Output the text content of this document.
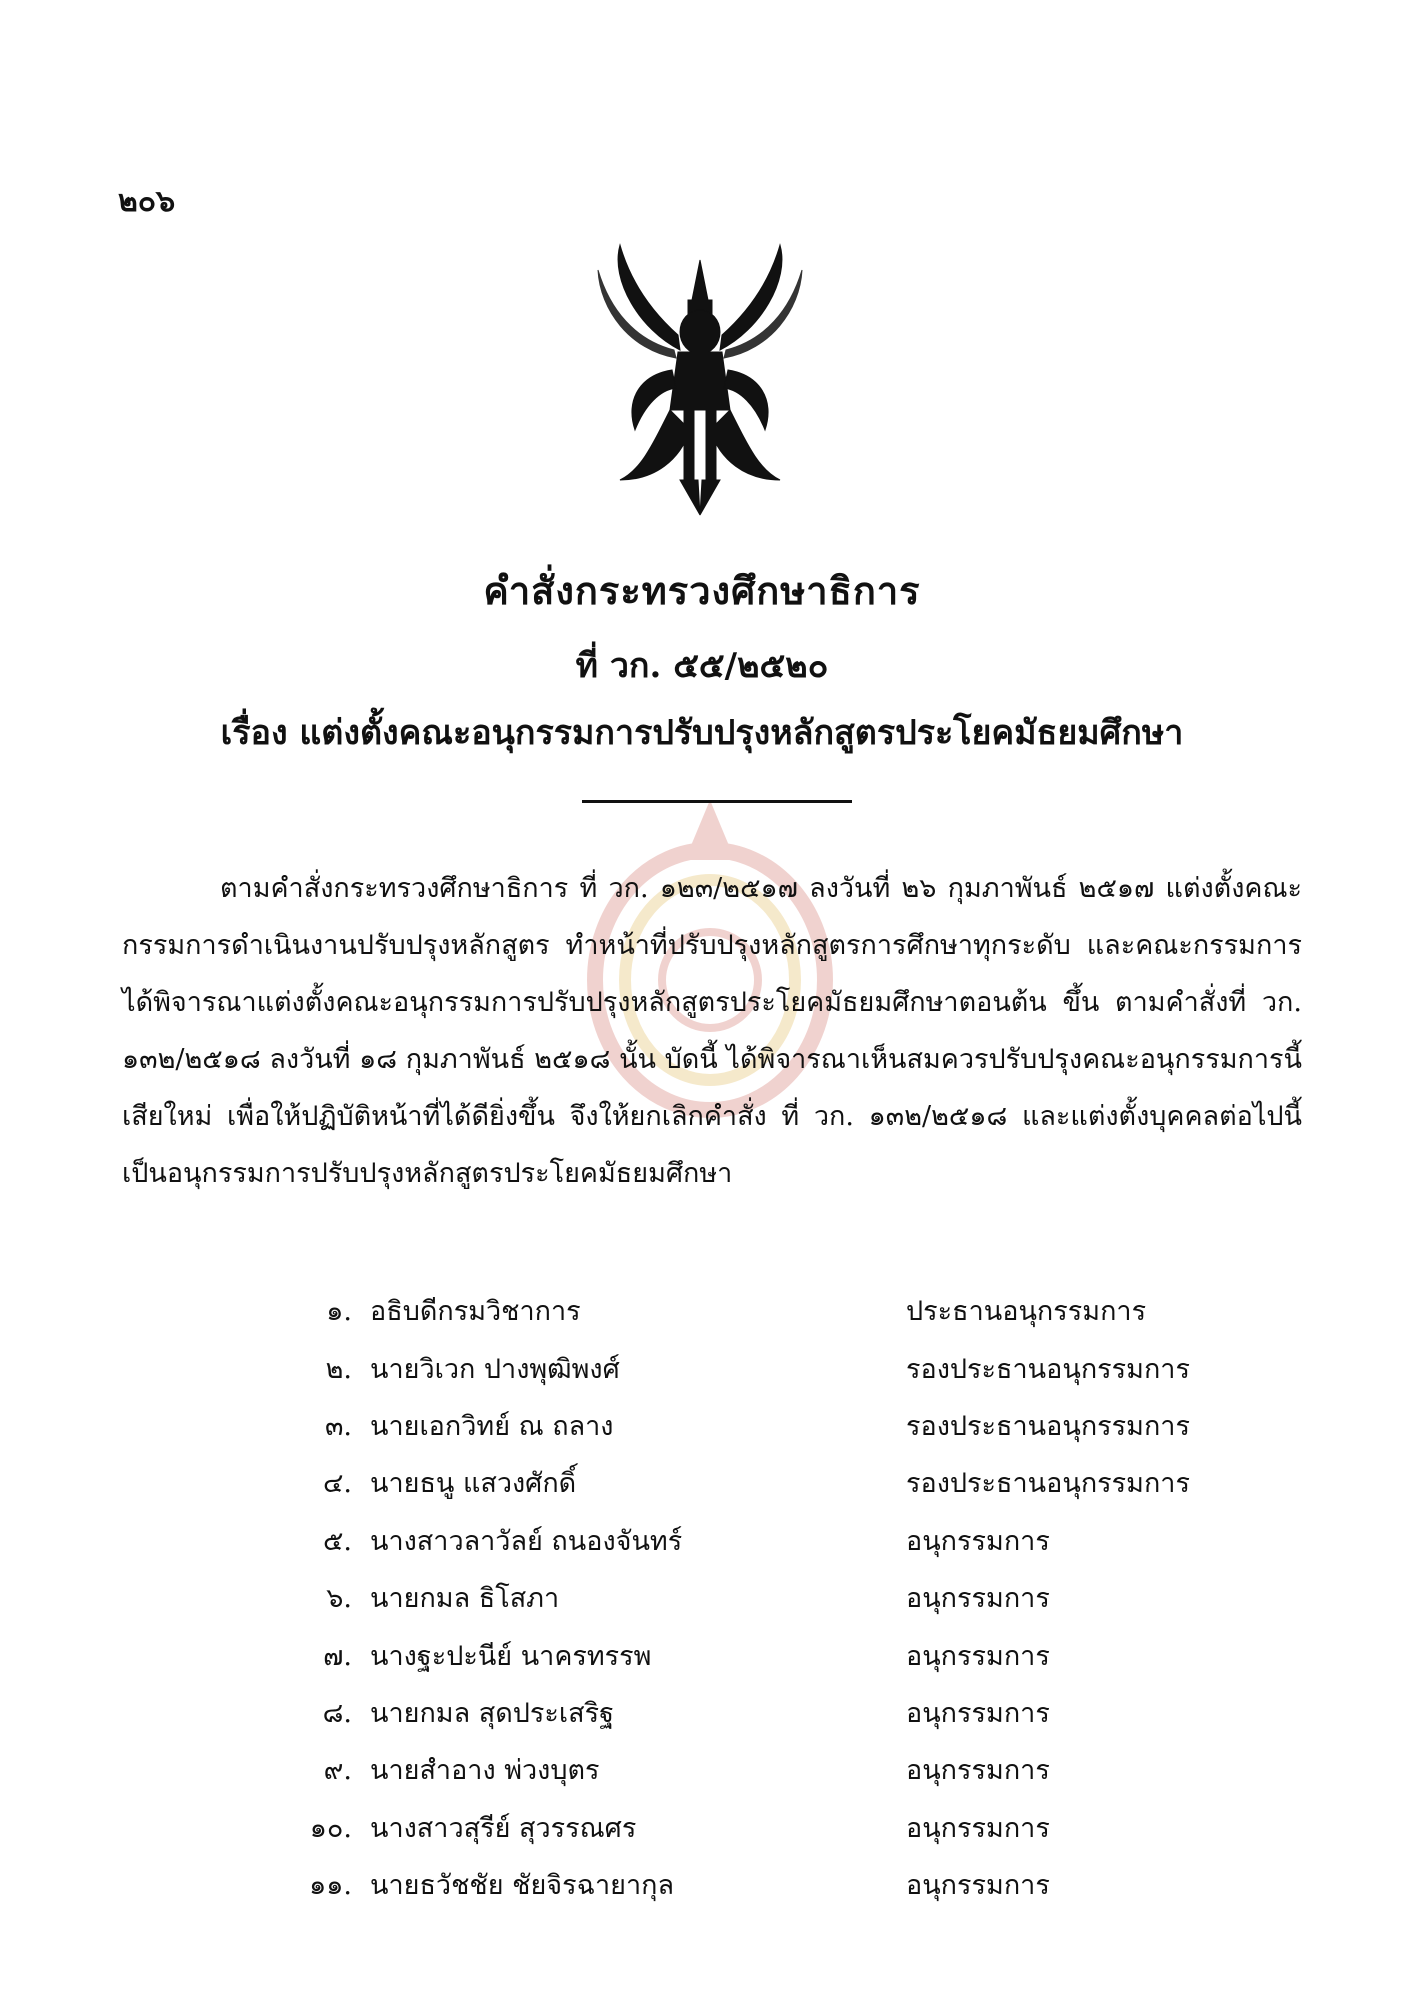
๒๐๖
คำสั่งกระทรวงศึกษาธิการ
ที่ วก. ๕๕/๒๕๒๐
เรื่อง แต่งตั้งคณะอนุกรรมการปรับปรุงหลักสูตรประโยคมัธยมศึกษา

ตามคำสั่งกระทรวงศึกษาธิการ ที่ วก. ๑๒๓/๒๕๑๗ ลงวันที่ ๒๖ กุมภาพันธ์ ๒๕๑๗ แต่งตั้งคณะกรรมการดำเนินงานปรับปรุงหลักสูตร ทำหน้าที่ปรับปรุงหลักสูตรการศึกษาทุกระดับ และคณะกรรมการได้พิจารณาแต่งตั้งคณะอนุกรรมการปรับปรุงหลักสูตรประโยคมัธยมศึกษาตอนต้น ขึ้น ตามคำสั่งที่ วก. ๑๓๒/๒๕๑๘ ลงวันที่ ๑๘ กุมภาพันธ์ ๒๕๑๘ นั้น บัดนี้ ได้พิจารณาเห็นสมควรปรับปรุงคณะอนุกรรมการนี้เสียใหม่ เพื่อให้ปฏิบัติหน้าที่ได้ดียิ่งขึ้น จึงให้ยกเลิกคำสั่ง ที่ วก. ๑๓๒/๒๕๑๘ และแต่งตั้งบุคคลต่อไปนี้เป็นอนุกรรมการปรับปรุงหลักสูตรประโยคมัธยมศึกษา

๑. อธิบดีกรมวิชาการ	ประธานอนุกรรมการ
๒. นายวิเวก ปางพุฒิพงศ์	รองประธานอนุกรรมการ
๓. นายเอกวิทย์ ณ ถลาง	รองประธานอนุกรรมการ
๔. นายธนู แสวงศักดิ์	รองประธานอนุกรรมการ
๕. นางสาวลาวัลย์ ถนองจันทร์	อนุกรรมการ
๖. นายกมล ธิโสภา	อนุกรรมการ
๗. นางฐะปะนีย์ นาครทรรพ	อนุกรรมการ
๘. นายกมล สุดประเสริฐ	อนุกรรมการ
๙. นายสำอาง พ่วงบุตร	อนุกรรมการ
๑๐. นางสาวสุรีย์ สุวรรณศร	อนุกรรมการ
๑๑. นายธวัชชัย ชัยจิรฉายากุล	อนุกรรมการ
